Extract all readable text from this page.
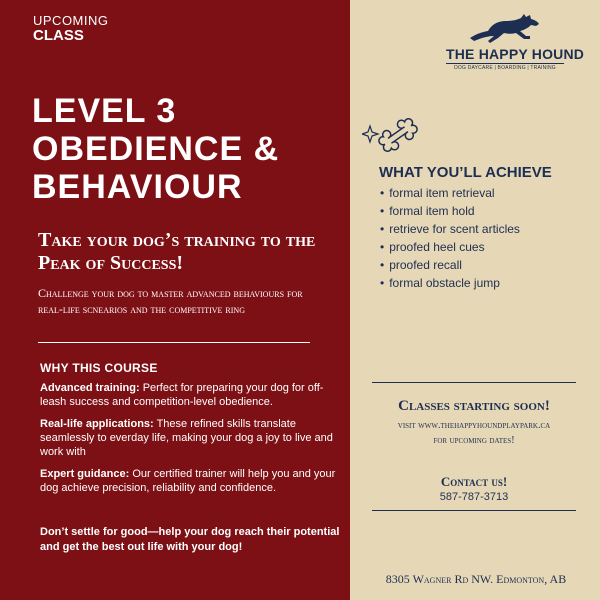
UPCOMING
CLASS
LEVEL 3
OBEDIENCE &
BEHAVIOUR
Take your dog’s training to the Peak of Success!
Challenge your dog to master advanced behaviours for real-life scnearios and the competitive ring
WHY THIS COURSE
Advanced training: Perfect for preparing your dog for off-leash success and competition-level obedience.
Real-life applications: These refined skills translate seamlessly to everday life, making your dog a joy to live and work with
Expert guidance: Our certified trainer will help you and your dog achieve precision, reliability and confidence.
Don’t settle for good—help your dog reach their potential and get the best out life with your dog!
THE HAPPY HOUND
DOG DAYCARE | BOARDING | TRAINING
WHAT YOU’LL ACHIEVE
• formal item retrieval
• formal item hold
• retrieve for scent articles
• proofed heel cues
• proofed recall
• formal obstacle jump
Classes starting soon!
visit www.thehappyhoundplaypark.ca
for upcoming dates!
Contact us!
587-787-3713
8305 Wagner Rd NW. Edmonton, AB
